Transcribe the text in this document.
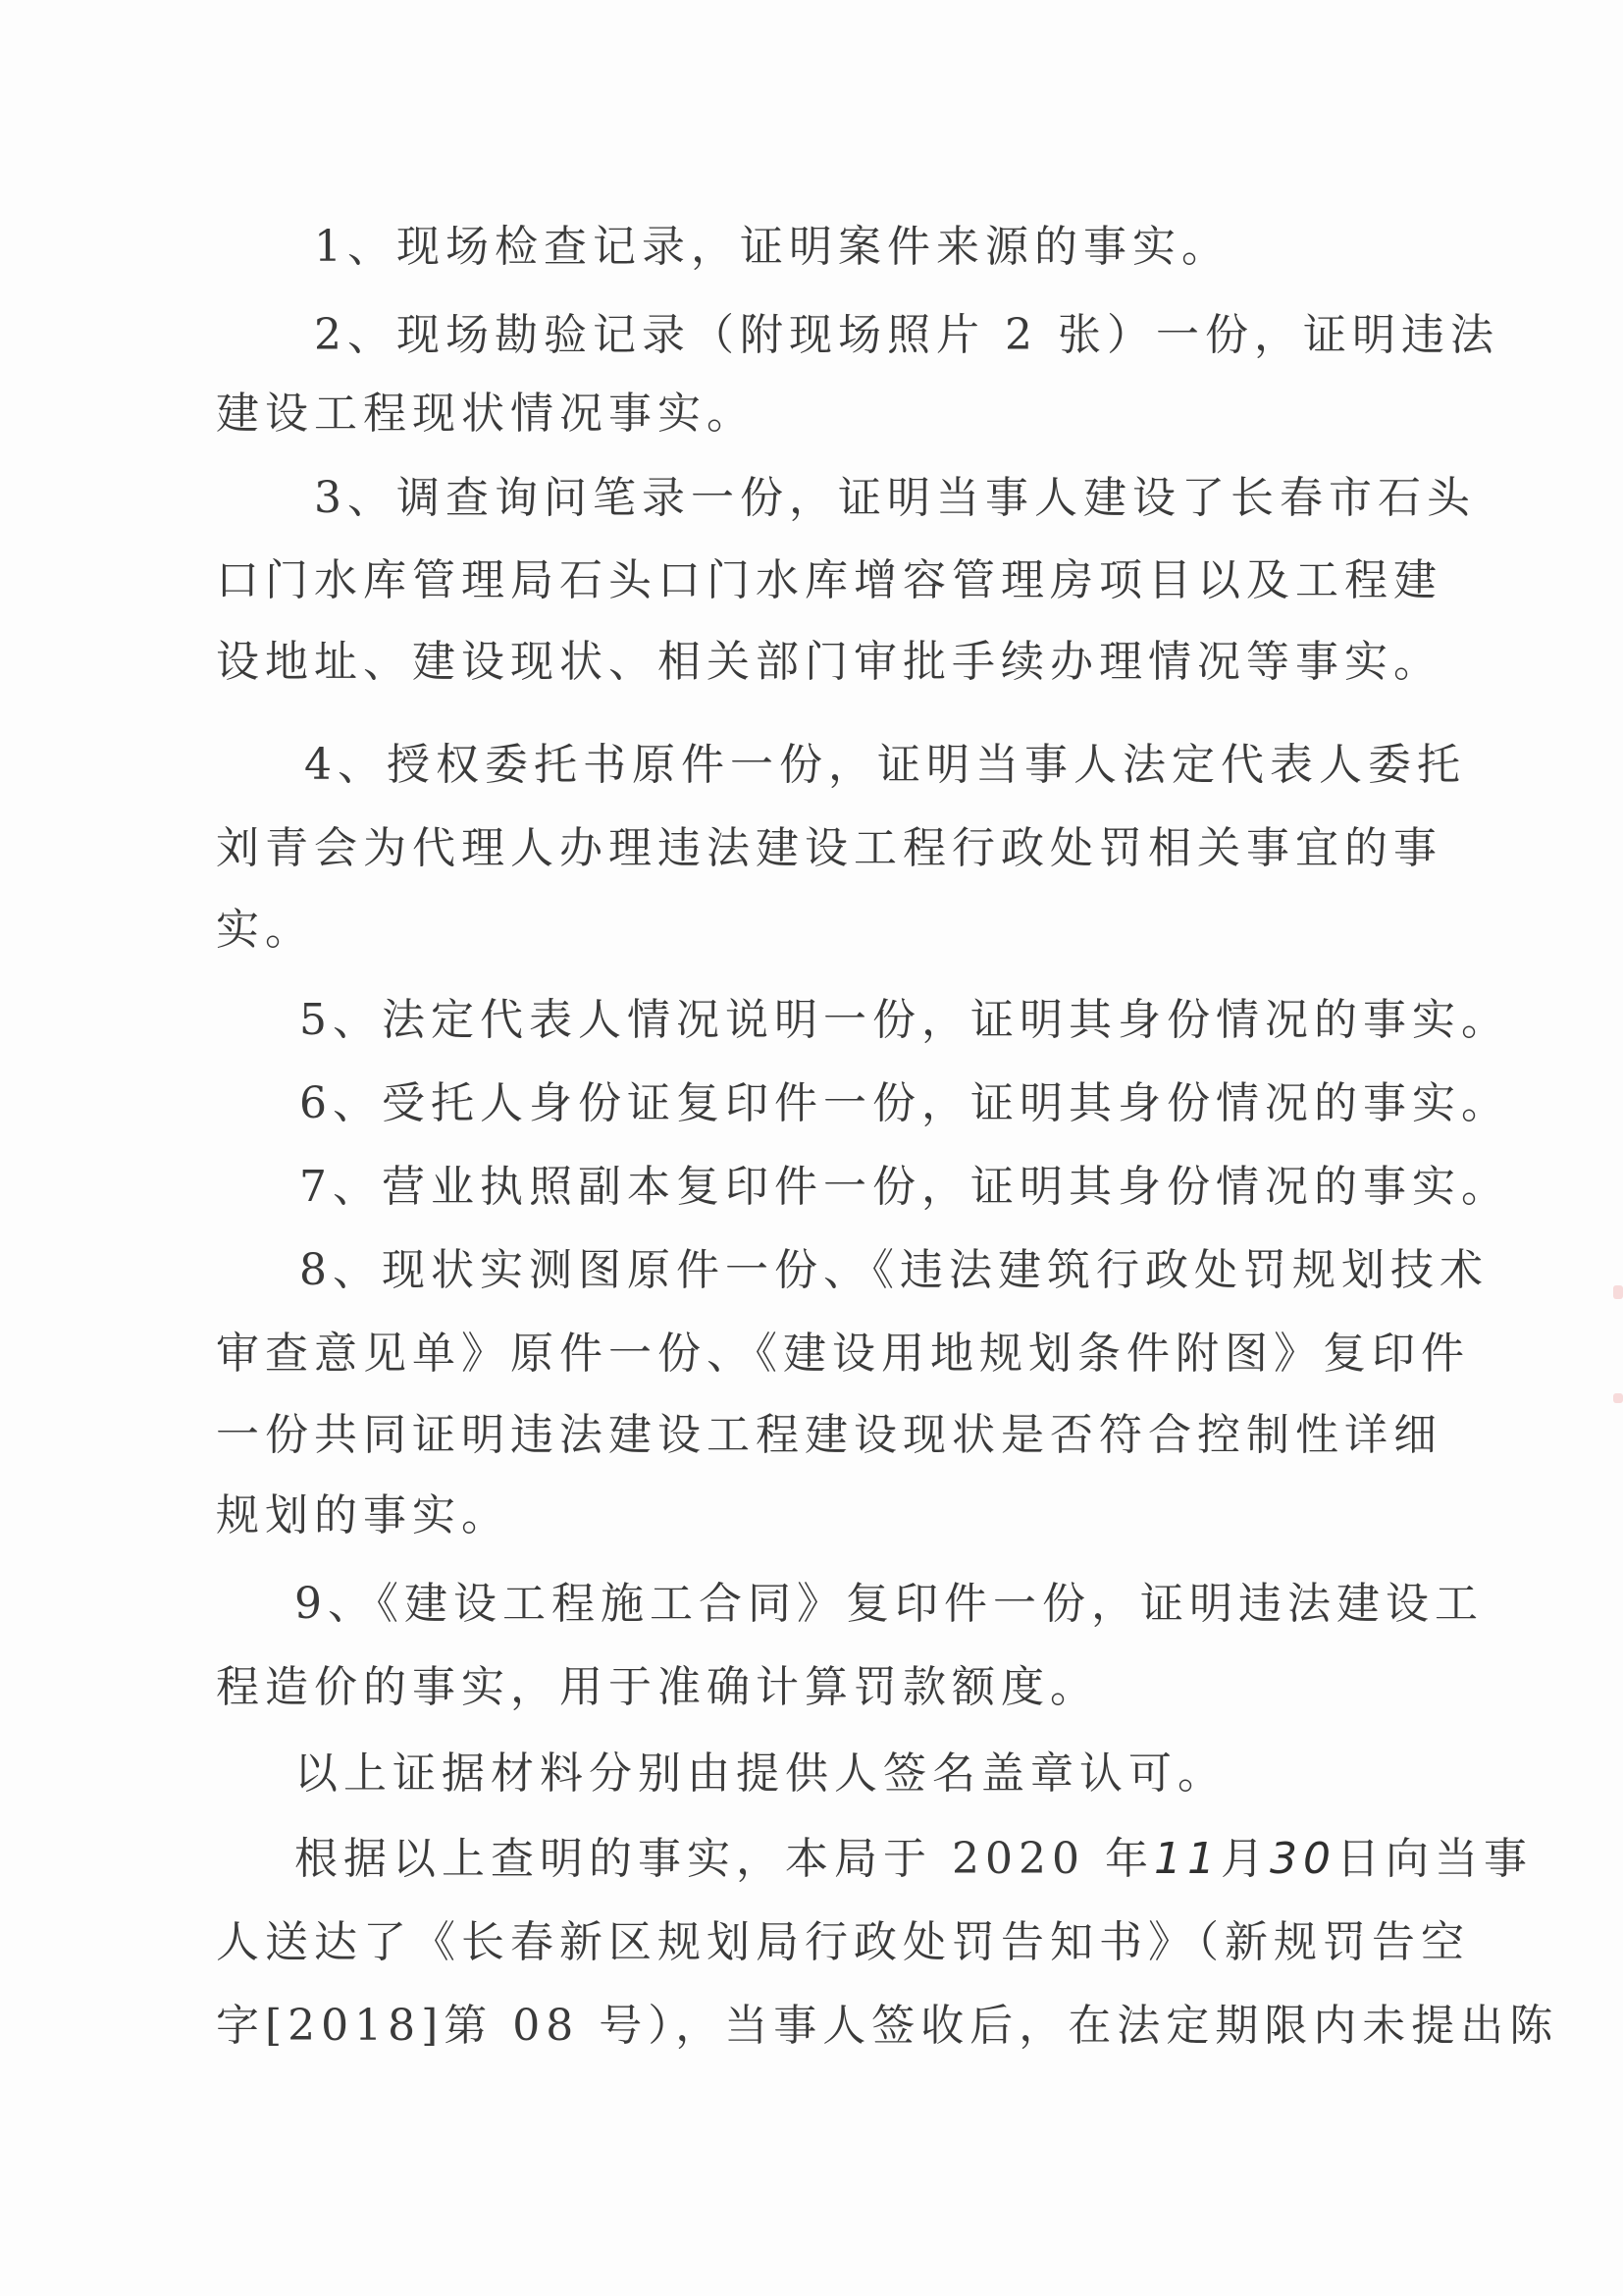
1、现场检查记录，证明案件来源的事实。
2、现场勘验记录（附现场照片 2 张）一份，证明违法
建设工程现状情况事实。
3、调查询问笔录一份，证明当事人建设了长春市石头
口门水库管理局石头口门水库增容管理房项目以及工程建
设地址、建设现状、相关部门审批手续办理情况等事实。
4、授权委托书原件一份，证明当事人法定代表人委托
刘青会为代理人办理违法建设工程行政处罚相关事宜的事
实。
5、法定代表人情况说明一份，证明其身份情况的事实。
6、受托人身份证复印件一份，证明其身份情况的事实。
7、营业执照副本复印件一份，证明其身份情况的事实。
8、现状实测图原件一份、《违法建筑行政处罚规划技术
审查意见单》原件一份、《建设用地规划条件附图》复印件
一份共同证明违法建设工程建设现状是否符合控制性详细
规划的事实。
9、《建设工程施工合同》复印件一份，证明违法建设工
程造价的事实，用于准确计算罚款额度。
以上证据材料分别由提供人签名盖章认可。
根据以上查明的事实，本局于 2020 年11月30日向当事
人送达了《长春新区规划局行政处罚告知书》（新规罚告空
字[2018]第 08 号），当事人签收后，在法定期限内未提出陈
